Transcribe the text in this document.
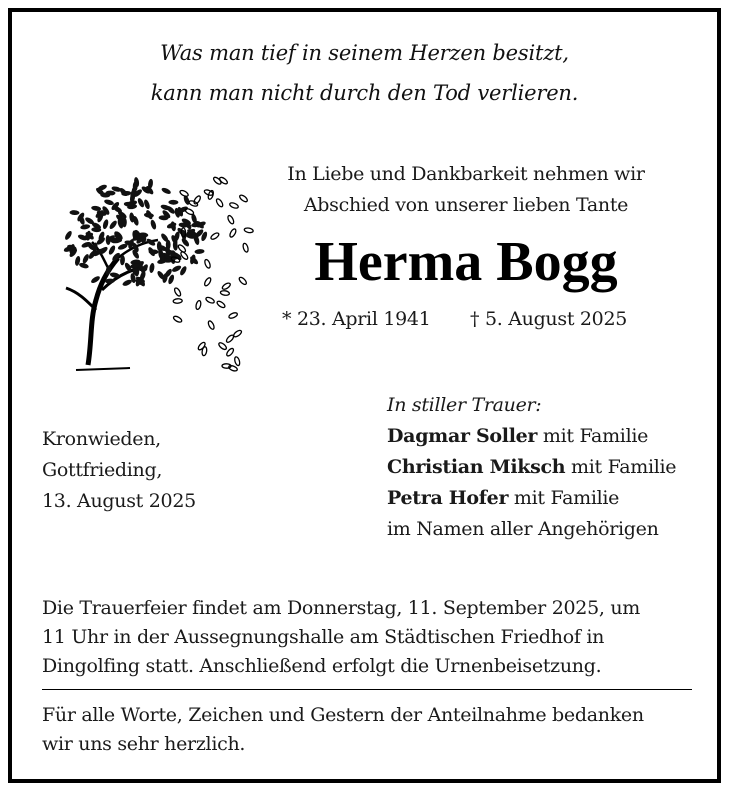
Was man tief in seinem Herzen besitzt,
kann man nicht durch den Tod verlieren.
In Liebe und Dankbarkeit nehmen wir
Abschied von unserer lieben Tante
Herma Bogg
* 23. April 1941 † 5. August 2025
Kronwieden,
Gottfrieding,
13. August 2025
In stiller Trauer:
Dagmar Soller mit Familie
Christian Miksch mit Familie
Petra Hofer mit Familie
im Namen aller Angehörigen
Die Trauerfeier findet am Donnerstag, 11. September 2025, um
11 Uhr in der Aussegnungshalle am Städtischen Friedhof in
Dingolfing statt. Anschließend erfolgt die Urnenbeisetzung.
Für alle Worte, Zeichen und Gestern der Anteilnahme bedanken
wir uns sehr herzlich.
